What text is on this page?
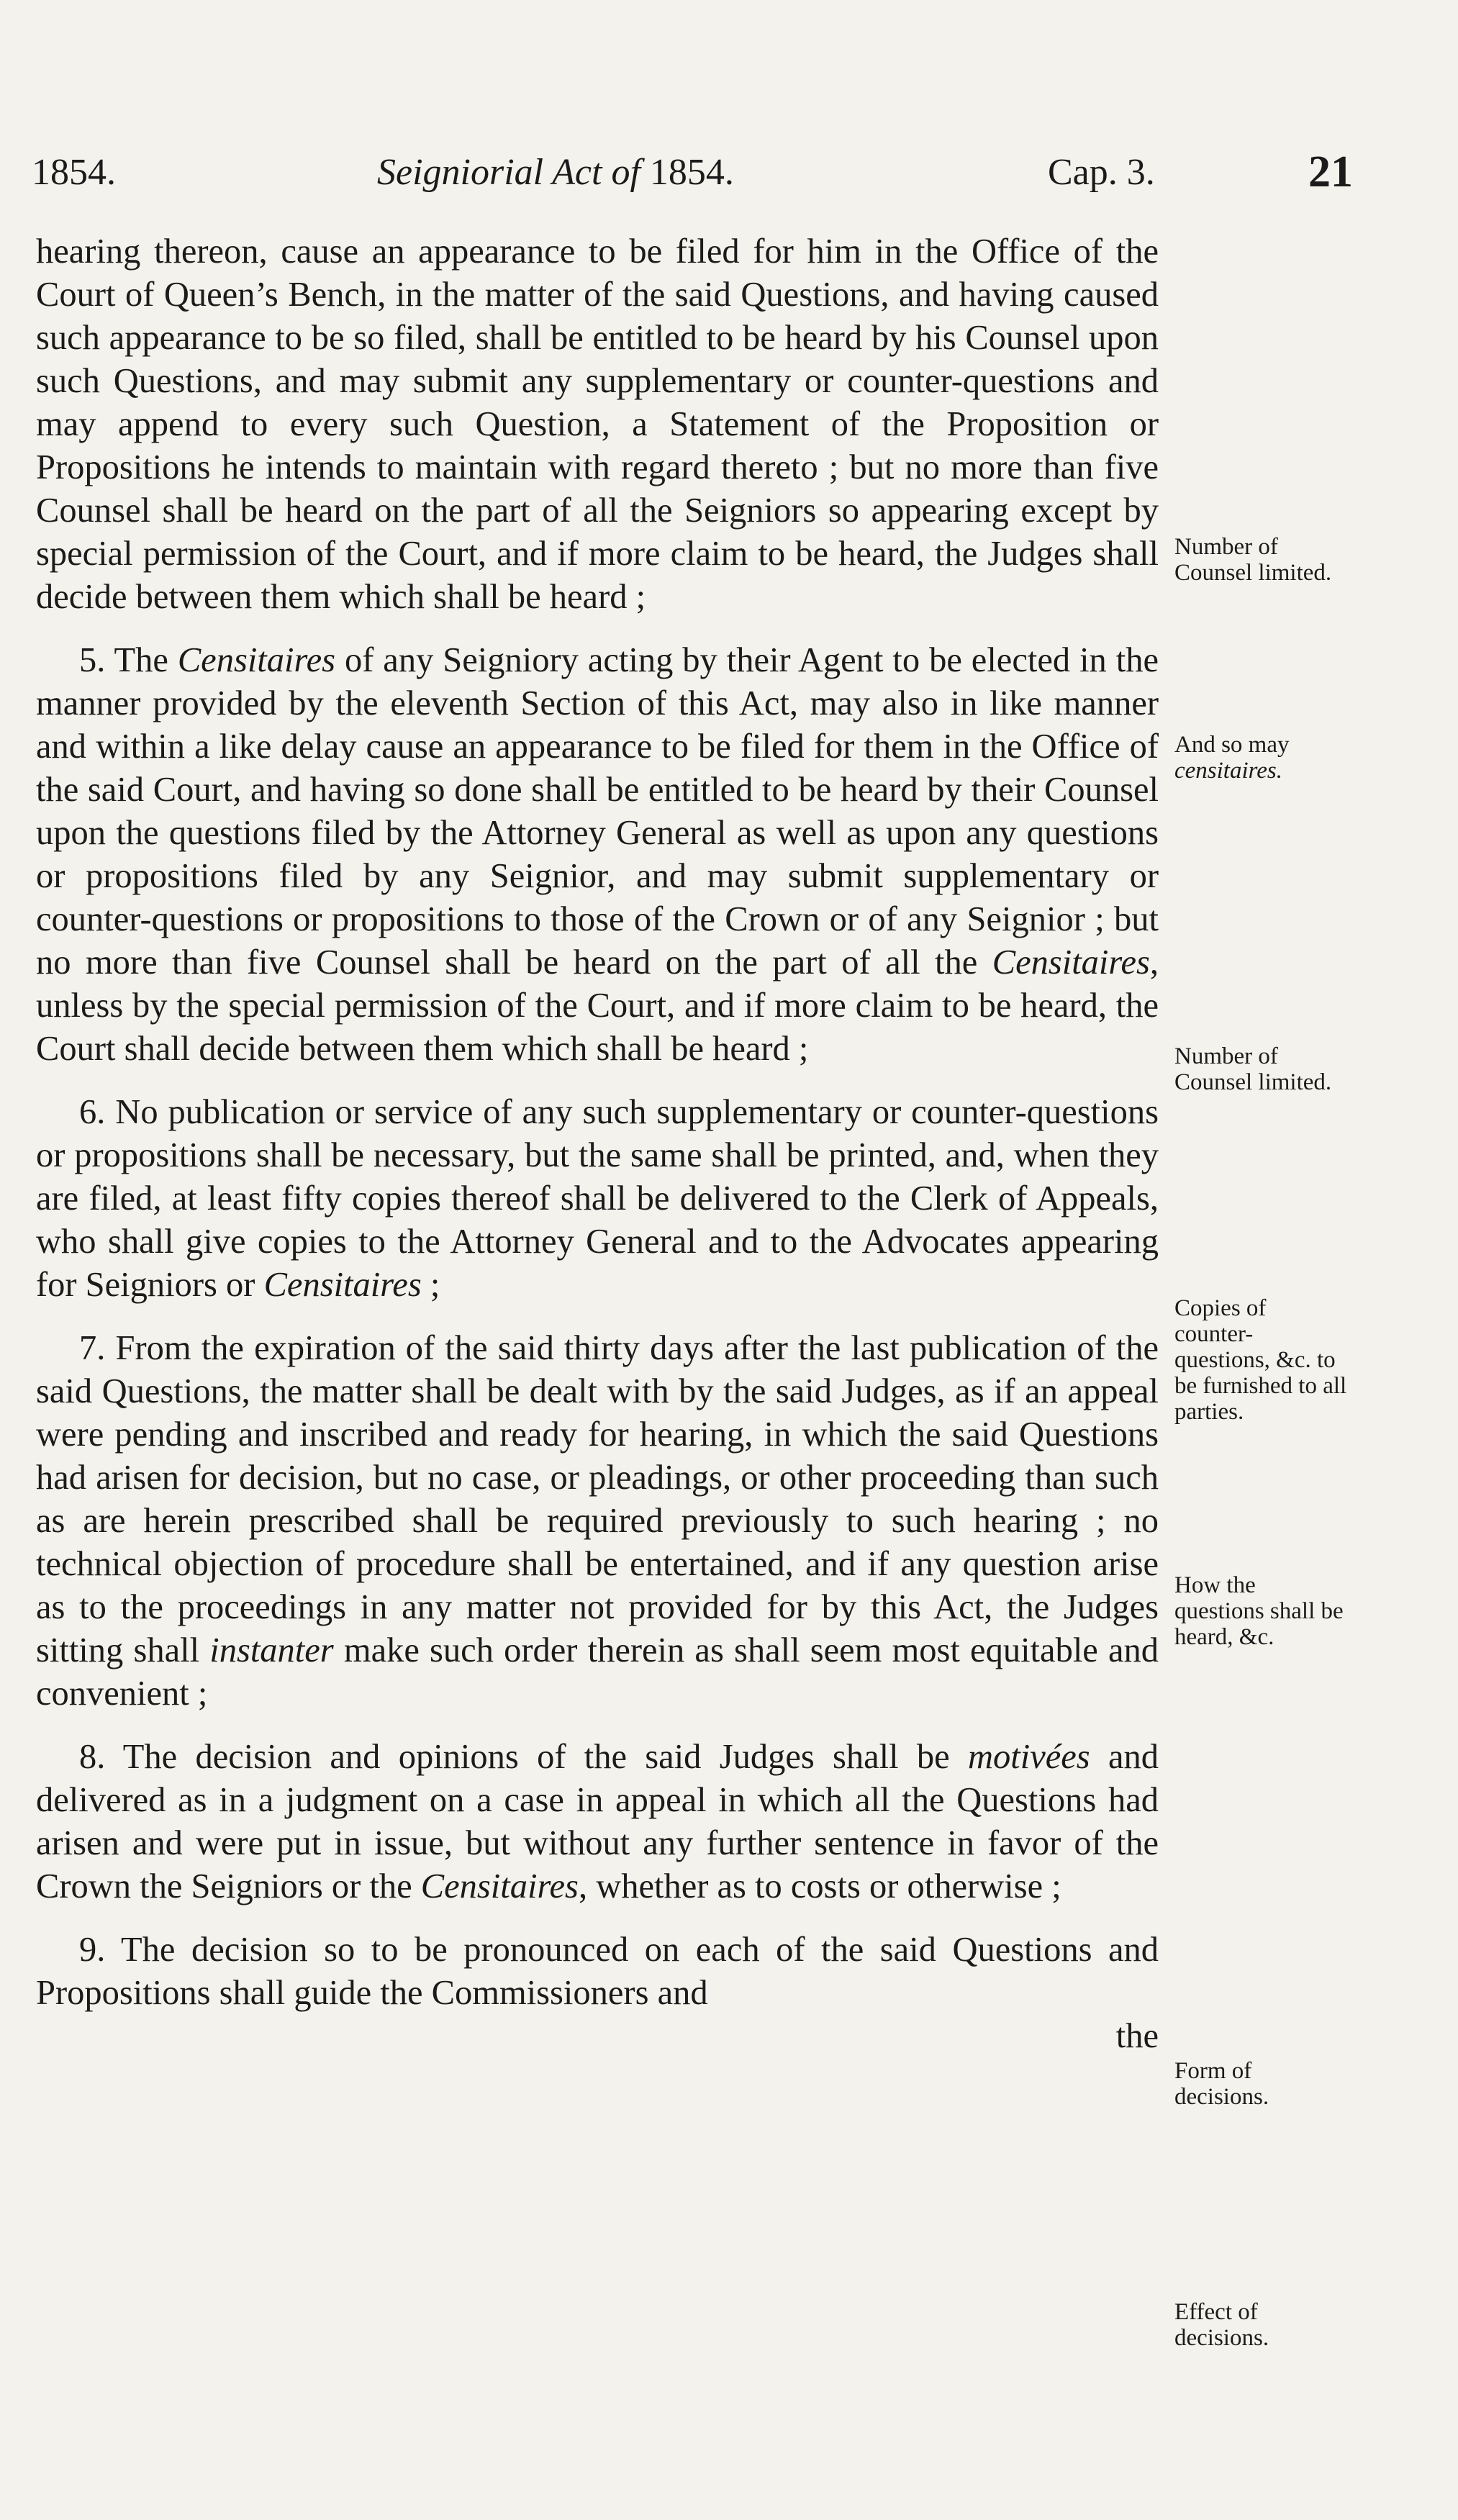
1854.	Seigniorial Act of 1854.	Cap. 3.	21

hearing thereon, cause an appearance to be filed for him in the Office of the Court of Queen’s Bench, in the matter of the said Questions, and having caused such appearance to be so filed, shall be entitled to be heard by his Counsel upon such Questions, and may submit any supplementary or counter-questions and may append to every such Question, a Statement of the Proposition or Propositions he intends to maintain with regard thereto ; but no more than five Counsel shall be heard on the part of all the Seigniors so appearing except by special permission of the Court, and if more claim to be heard, the Judges shall decide between them which shall be heard ;

5. The Censitaires of any Seigniory acting by their Agent to be elected in the manner provided by the eleventh Section of this Act, may also in like manner and within a like delay cause an appearance to be filed for them in the Office of the said Court, and having so done shall be entitled to be heard by their Counsel upon the questions filed by the Attorney General as well as upon any questions or propositions filed by any Seignior, and may submit supplementary or counter-questions or propositions to those of the Crown or of any Seignior ; but no more than five Counsel shall be heard on the part of all the Censitaires, unless by the special permission of the Court, and if more claim to be heard, the Court shall decide between them which shall be heard ;

6. No publication or service of any such supplementary or counter-questions or propositions shall be necessary, but the same shall be printed, and, when they are filed, at least fifty copies thereof shall be delivered to the Clerk of Appeals, who shall give copies to the Attorney General and to the Advocates appearing for Seigniors or Censitaires ;

7. From the expiration of the said thirty days after the last publication of the said Questions, the matter shall be dealt with by the said Judges, as if an appeal were pending and inscribed and ready for hearing, in which the said Questions had arisen for decision, but no case, or pleadings, or other proceeding than such as are herein prescribed shall be required previously to such hearing ; no technical objection of procedure shall be entertained, and if any question arise as to the proceedings in any matter not provided for by this Act, the Judges sitting shall instanter make such order therein as shall seem most equitable and convenient ;

8. The decision and opinions of the said Judges shall be motivées and delivered as in a judgment on a case in appeal in which all the Questions had arisen and were put in issue, but without any further sentence in favor of the Crown the Seigniors or the Censitaires, whether as to costs or otherwise ;

9. The decision so to be pronounced on each of the said Questions and Propositions shall guide the Commissioners and
the

Number of Counsel limited.
And so may censitaires.
Number of Counsel limited.
Copies of counter-questions, &c. to be furnished to all parties.
How the questions shall be heard, &c.
Form of decisions.
Effect of decisions.
